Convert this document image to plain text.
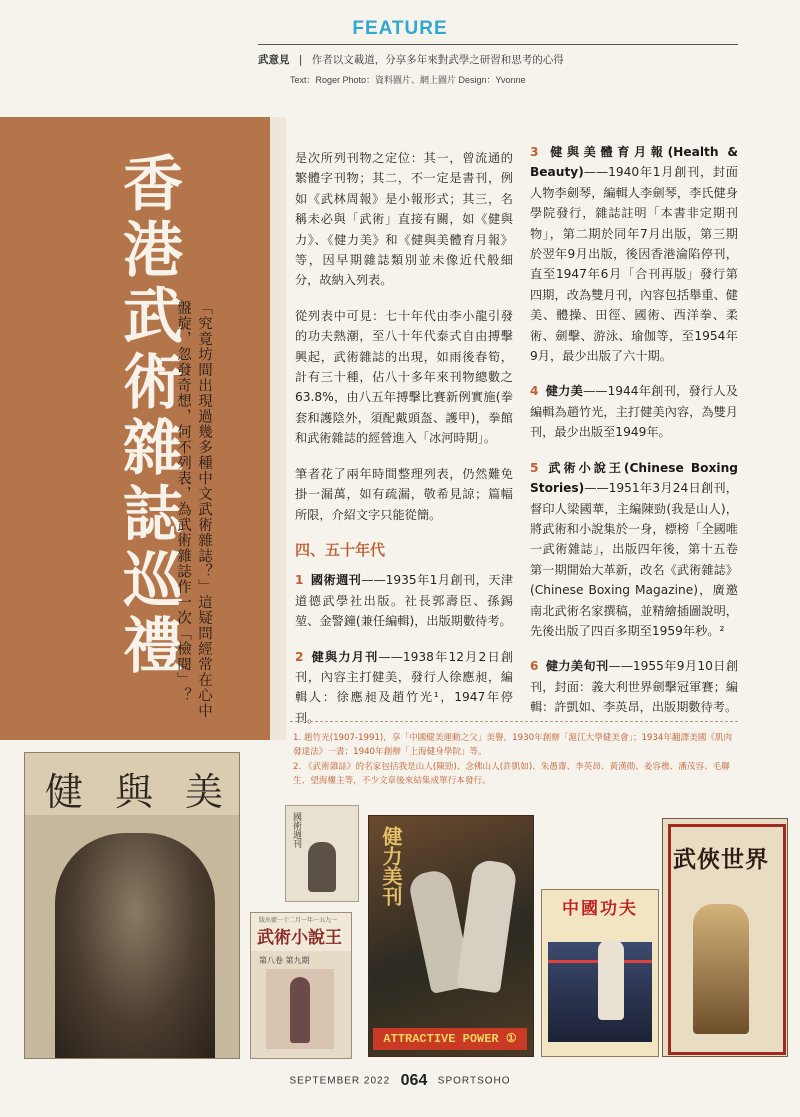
FEATURE
武意見 | 作者以文載道，分享多年來對武學之研習和思考的心得
Text：Roger Photo：資料圖片、網上圖片 Design：Yvonne
香
港
武
術
雜
誌
巡
禮 「究竟坊間出現過幾多種中文武術雜誌？」這疑問經常在心中盤旋，忽發奇想，何不列表，為武術雜誌作一次「檢閱」？

是次所列刊物之定位：其一，曾流通的繁體字刊物；其二，不一定是書刊，例如《武林周報》是小報形式；其三，名稱未必與「武術」直接有關，如《健與力》、《健力美》和《健與美體育月報》等，因早期雜誌類別並未像近代般細分，故納入列表。

從列表中可見：七十年代由李小龍引發的功夫熱潮，至八十年代泰式自由搏擊興起，武術雜誌的出現，如雨後春筍，計有三十種，佔八十多年來刊物總數之63.8%，由八五年搏擊比賽新例實施(拳套和護陰外，須配戴頭盔、護甲)，拳館和武術雜誌的經營進入「冰河時期」。

筆者花了兩年時間整理列表，仍然難免掛一漏萬，如有疏漏，敬希見諒；篇幅所限，介紹文字只能從簡。

四、五十年代

1 國術週刊——1935年1月創刊，天津道德武學社出版。社長郭壽臣、孫錫堃、金警鐘(兼任編輯)，出版期數待考。

2 健與力月刊——1938年12月2日創刊，內容主打健美，發行人徐應昶，編輯人：徐應昶及趙竹光¹，1947年停刊。

3 健與美體育月報(Health & Beauty)——1940年1月創刊，封面人物李劍琴，編輯人李劍琴，李氏健身學院發行，雜誌註明「本書非定期刊物」，第二期於同年7月出版，第三期於翌年9月出版，後因香港淪陷停刊，直至1947年6月「合刊再版」發行第四期，改為雙月刊，內容包括舉重、健美、體操、田徑、國術、西洋拳、柔術、劍擊、游泳、瑜伽等，至1954年9月，最少出版了六十期。

4 健力美——1944年創刊，發行人及編輯為趙竹光，主打健美內容，為雙月刊，最少出版至1949年。

5 武術小說王(Chinese Boxing Stories)——1951年3月24日創刊，督印人梁國華，主編陳勁(我是山人)，將武術和小說集於一身，標榜「全國唯一武術雜誌」，出版四年後，第十五卷第一期開始大革新，改名《武術雜誌》(Chinese Boxing Magazine)，廣邀南北武術名家撰稿，並精繪插圖說明，先後出版了四百多期至1959年秒。²

6 健力美旬刊——1955年9月10日創刊，封面：義大利世界劍擊冠軍賽；編輯：許凱如、李英昂，出版期數待考。

1. 趙竹光(1907-1991)，享「中國健美運動之父」美譽，1930年創辦「滬江大學健美會」；1934年翻譯美國《肌肉發達法》一書；1940年創辦「上海健身學院」等。
2. 《武術雜誌》的名家包括我是山人(陳勁)、念佛山人(許凱如)、朱愚齋、李英昂、黃漢勛、姜容樵、潘茂容、毛聯生、望海樓主等，不少文章後來結集成單行本發行。
健 與 美
國術週刊
版出號一十二月一年一五九一
武術小說王
第八卷 第九期
健力美刊
ATTRACTIVE POWER ①
中國功夫
武俠世界
SEPTEMBER 2022 064 SPORTSOHO
